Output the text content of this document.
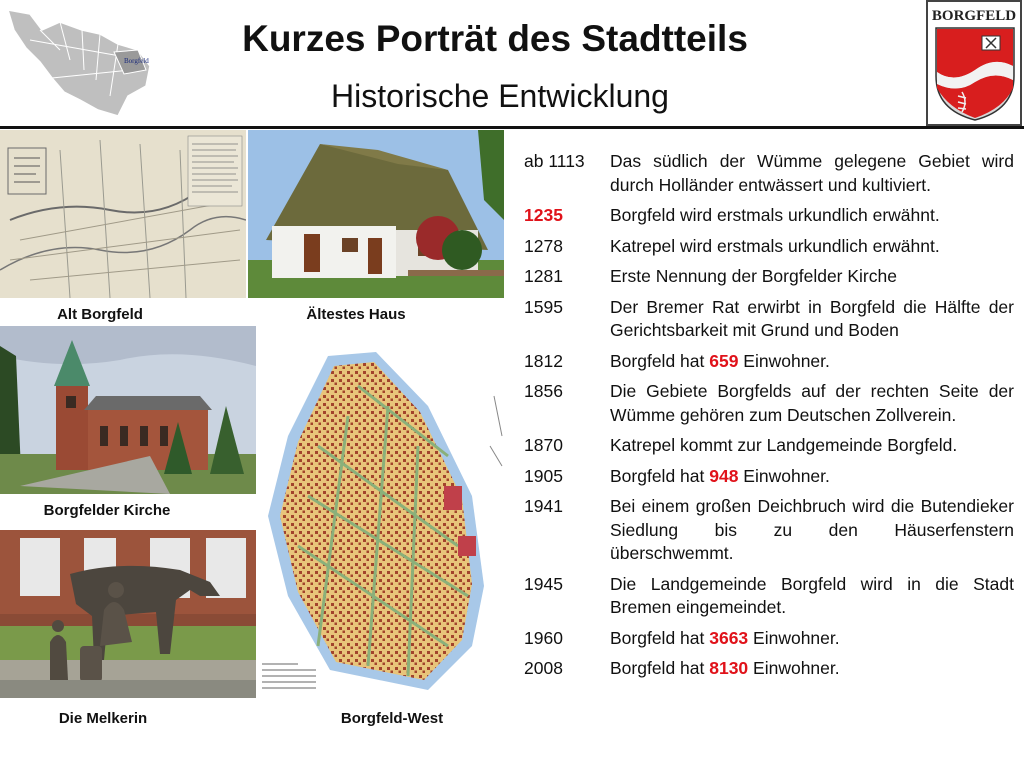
Borgfeld
Kurzes Porträt des Stadtteils
Historische Entwicklung
BORGFELD
Alt Borgfeld	Ältestes Haus
Borgfelder Kirche
Die Melkerin	Borgfeld-West
ab 1113	Das südlich der Wümme gelegene Gebiet wird durch Holländer entwässert und kultiviert.
1235	Borgfeld wird erstmals urkundlich erwähnt.
1278	Katrepel wird erstmals urkundlich erwähnt.
1281	Erste Nennung der Borgfelder Kirche
1595	Der Bremer Rat erwirbt in Borgfeld die Hälfte der Gerichtsbarkeit mit Grund und Boden
1812	Borgfeld hat 659 Einwohner.
1856	Die Gebiete Borgfelds auf der rechten Seite der Wümme gehören zum Deutschen Zollverein.
1870	Katrepel kommt zur Landgemeinde Borgfeld.
1905	Borgfeld hat 948 Einwohner.
1941	Bei einem großen Deichbruch wird die Butendieker Siedlung bis zu den Häuserfenstern überschwemmt.
1945	Die Landgemeinde Borgfeld wird in die Stadt Bremen eingemeindet.
1960	Borgfeld hat 3663 Einwohner.
2008	Borgfeld hat 8130 Einwohner.
